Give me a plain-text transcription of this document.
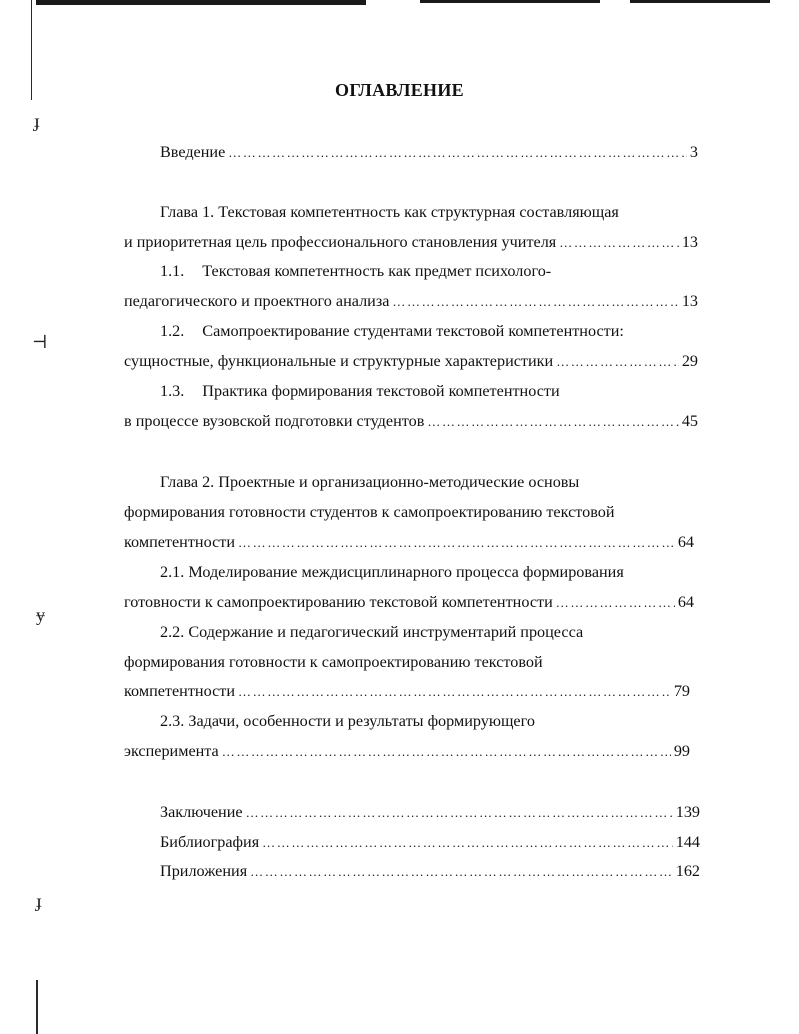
ɟ
⊣
ɏ
ɟ
ОГЛАВЛЕНИЕ
Введение …………………………………………………………………………………………………………………………………………………………………………	3
Глава 1. Текстовая компетентность как структурная составляющая
и приоритетная цель профессионального становления учителя …………………………………………………………………………………………………………………………………………………………………………	13
1.1. Текстовая компетентность как предмет психолого-
педагогического и проектного анализа …………………………………………………………………………………………………………………………………………………………………………	13
1.2. Самопроектирование студентами текстовой компетентности:
сущностные, функциональные и структурные характеристики …………………………………………………………………………………………………………………………………………………………………………	29
1.3. Практика формирования текстовой компетентности
в процессе вузовской подготовки студентов …………………………………………………………………………………………………………………………………………………………………………	45
Глава 2. Проектные и организационно-методические основы
формирования готовности студентов к самопроектированию текстовой
компетентности …………………………………………………………………………………………………………………………………………………………………………	64
2.1. Моделирование междисциплинарного процесса формирования
готовности к самопроектированию текстовой компетентности …………………………………………………………………………………………………………………………………………………………………………	64
2.2. Содержание и педагогический инструментарий процесса
формирования готовности к самопроектированию текстовой
компетентности …………………………………………………………………………………………………………………………………………………………………………	79
2.3. Задачи, особенности и результаты формирующего
эксперимента …………………………………………………………………………………………………………………………………………………………………………	99
Заключение …………………………………………………………………………………………………………………………………………………………………………	139
Библиография …………………………………………………………………………………………………………………………………………………………………………	144
Приложения …………………………………………………………………………………………………………………………………………………………………………	162
